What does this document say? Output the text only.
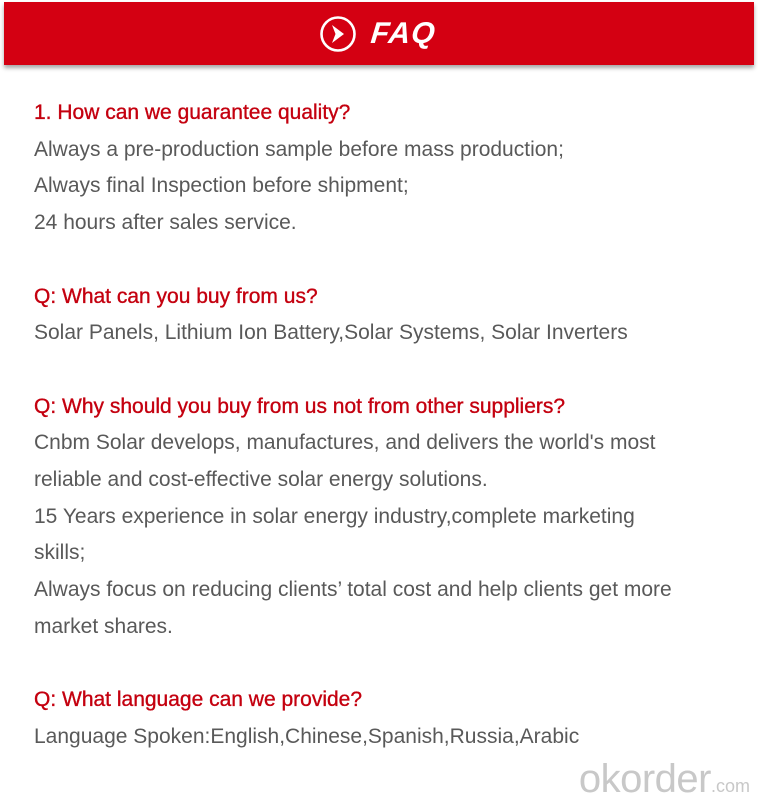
FAQ

1. How can we guarantee quality?

Always a pre-production sample before mass production;

Always final Inspection before shipment;

24 hours after sales service.

Q: What can you buy from us?

Solar Panels, Lithium Ion Battery,Solar Systems, Solar Inverters

Q: Why should you buy from us not from other suppliers?

Cnbm Solar develops, manufactures, and delivers the world's most

reliable and cost-effective solar energy solutions.

15 Years experience in solar energy industry,complete marketing

skills;

Always focus on reducing clients’ total cost and help clients get more

market shares.

Q: What language can we provide?

Language Spoken:English,Chinese,Spanish,Russia,Arabic

okorder .com
